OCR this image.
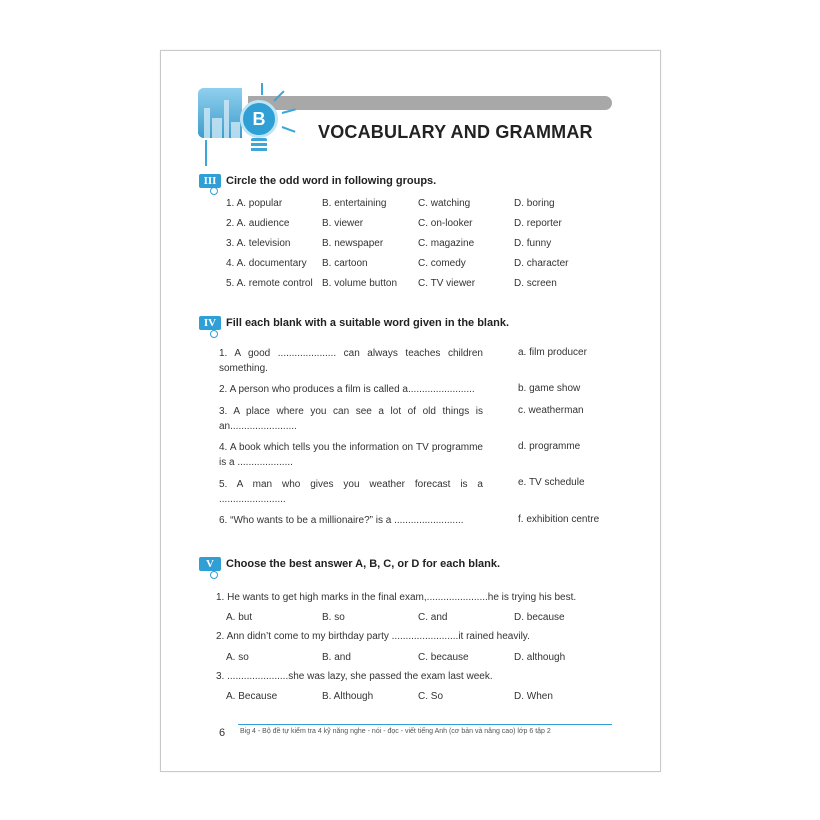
B
VOCABULARY AND GRAMMAR
III Circle the odd word in following groups.
1. A. popular	B. entertaining	C. watching	D. boring
2. A. audience	B. viewer	C. on-looker	D. reporter
3. A. television	B. newspaper	C. magazine	D. funny
4. A. documentary B. cartoon	C. comedy	D. character
5. A. remote control B. volume button C. TV viewer	D. screen
IV Fill each blank with a suitable word given in the blank.
1. A good ..................... can always teaches children something.
a. film producer
2. A person who produces a film is called a........................	b. game show
3. A place where you can see a lot of old things is an........................
c. weatherman
4. A book which tells you the information on TV programme is a ....................
d. programme
5. A man who gives you weather forecast is a ........................
e. TV schedule
6. “Who wants to be a millionaire?” is a .........................	f. exhibition centre
V	Choose the best answer A, B, C, or D for each blank.
1. He wants to get high marks in the final exam,......................he is trying his best.
A. but	B. so	C. and	D. because
2. Ann didn’t come to my birthday party ........................it rained heavily.
A. so	B. and	C. because	D. although
3. ......................she was lazy, she passed the exam last week.
A. Because	B. Although	C. So	D. When
6 Big 4 - Bộ đề tự kiểm tra 4 kỹ năng nghe - nói - đọc - viết tiếng Anh (cơ bản và nâng cao) lớp 6 tập 2
